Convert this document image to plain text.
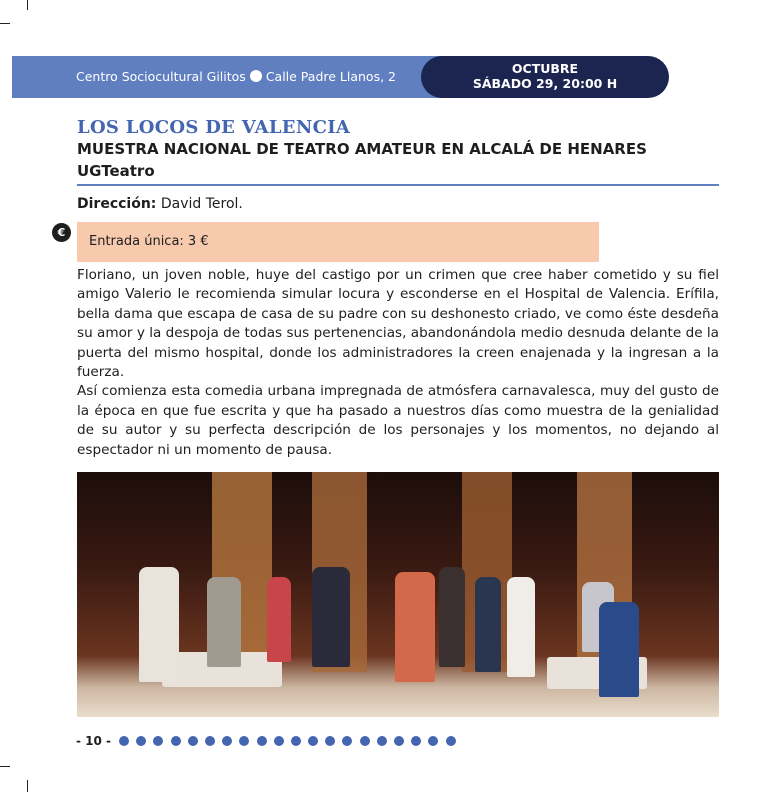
Centro Sociocultural Gilitos Calle Padre Llanos, 2
OCTUBRE
SÁBADO 29, 20:00 H
LOS LOCOS DE VALENCIA
MUESTRA NACIONAL DE TEATRO AMATEUR EN ALCALÁ DE HENARES
UGTeatro
Dirección: David Terol.
€
Entrada única: 3 €

Floriano, un joven noble, huye del castigo por un crimen que cree haber cometido y su fiel amigo Valerio le recomienda simular locura y esconderse en el Hospital de Valencia. Erífila, bella dama que escapa de casa de su padre con su deshonesto criado, ve como éste desdeña su amor y la despoja de todas sus pertenencias, abandonándola medio desnuda delante de la puerta del mismo hospital, donde los administradores la creen enajenada y la ingresan a la fuerza.

Así comienza esta comedia urbana impregnada de atmósfera carnavalesca, muy del gusto de la época en que fue escrita y que ha pasado a nuestros días como muestra de la genialidad de su autor y su perfecta descripción de los personajes y los momentos, no dejando al espectador ni un momento de pausa.

- 10 -
